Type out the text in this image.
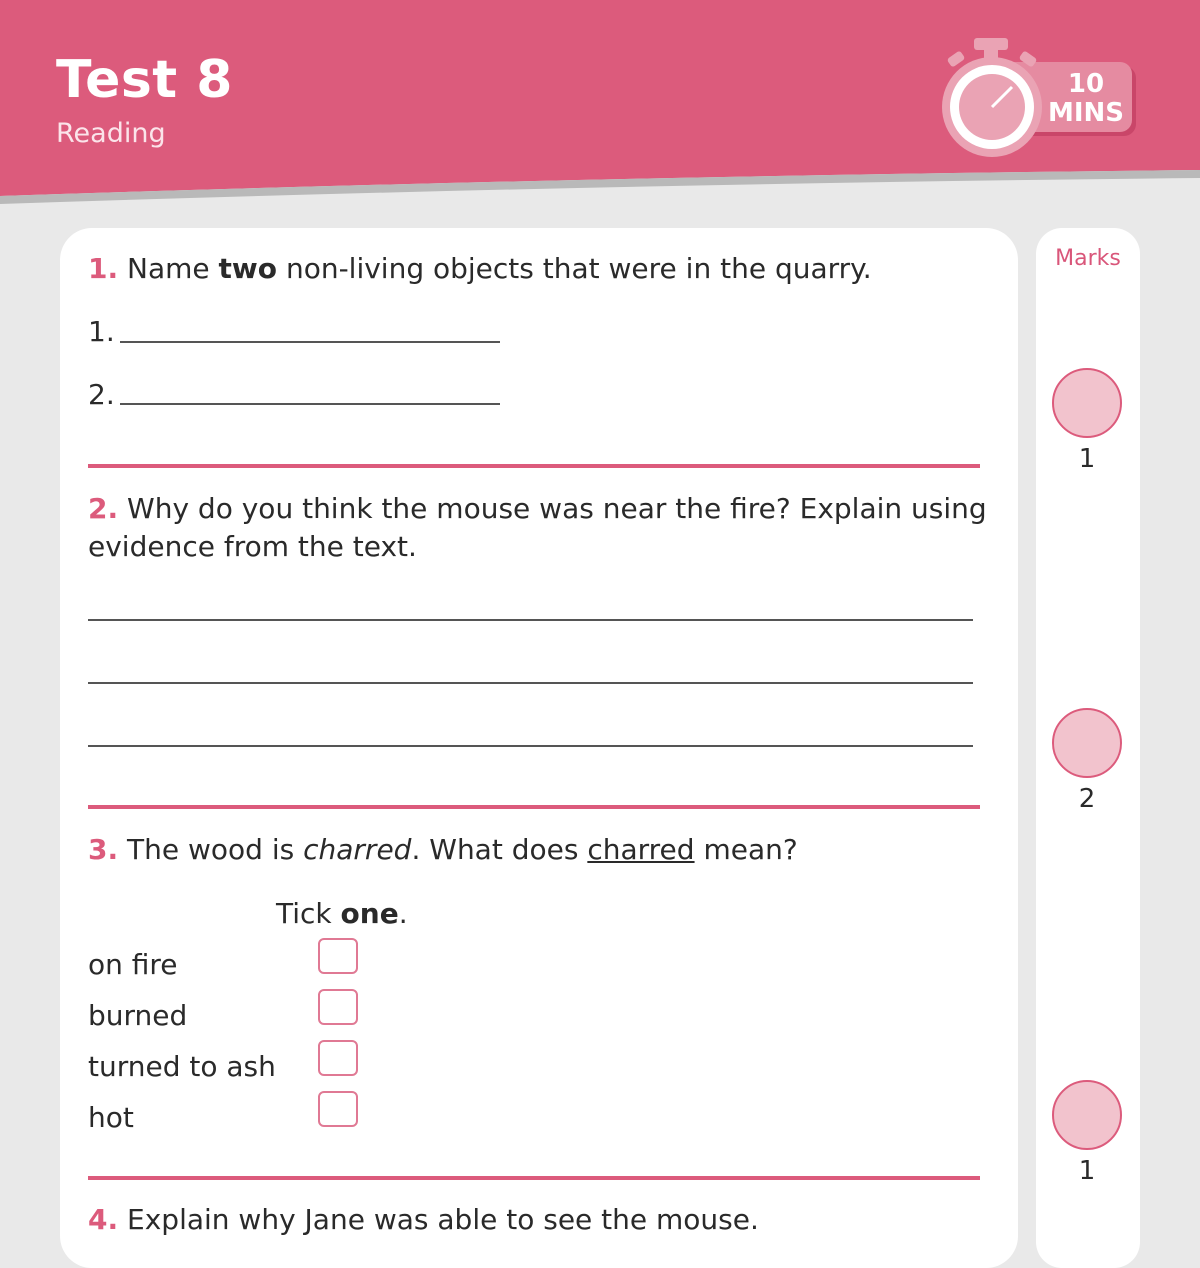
Test 8
Reading
10
MINS
Marks
1
2
1
1. Name two non-living objects that were in the quarry.
1.
2.
2. Why do you think the mouse was near the fire? Explain using
evidence from the text.
3. The wood is charred. What does charred mean?
Tick one.
on fire
burned
turned to ash
hot
4. Explain why Jane was able to see the mouse.
